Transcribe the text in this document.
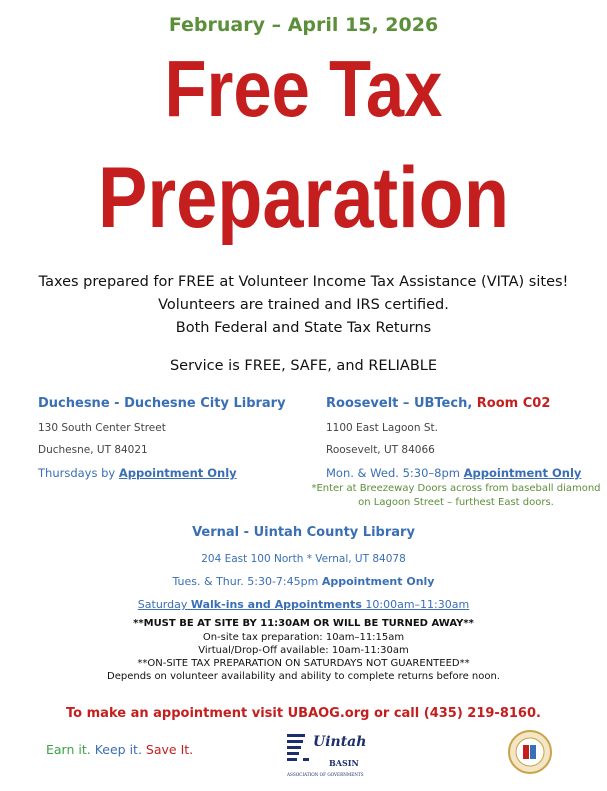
February – April 15, 2026
Free Tax
Preparation
Taxes prepared for FREE at Volunteer Income Tax Assistance (VITA) sites!
Volunteers are trained and IRS certified.
Both Federal and State Tax Returns
Service is FREE, SAFE, and RELIABLE
Duchesne - Duchesne City Library
130 South Center Street
Duchesne, UT 84021
Thursdays by Appointment Only
Roosevelt – UBTech, Room C02
1100 East Lagoon St.
Roosevelt, UT 84066
Mon. & Wed. 5:30–8pm Appointment Only
*Enter at Breezeway Doors across from baseball diamond on Lagoon Street – furthest East doors.
Vernal - Uintah County Library
204 East 100 North * Vernal, UT 84078
Tues. & Thur. 5:30-7:45pm Appointment Only
Saturday Walk-ins and Appointments 10:00am–11:30am
**MUST BE AT SITE BY 11:30AM OR WILL BE TURNED AWAY**
On-site tax preparation: 10am–11:15am
Virtual/Drop-Off available: 10am-11:30am
**ON-SITE TAX PREPARATION ON SATURDAYS NOT GUARENTEED**
Depends on volunteer availability and ability to complete returns before noon.
To make an appointment visit UBAOG.org or call (435) 219-8160.
Earn it. Keep it. Save It.	Uintah
BASIN
ASSOCIATION OF GOVERNMENTS
